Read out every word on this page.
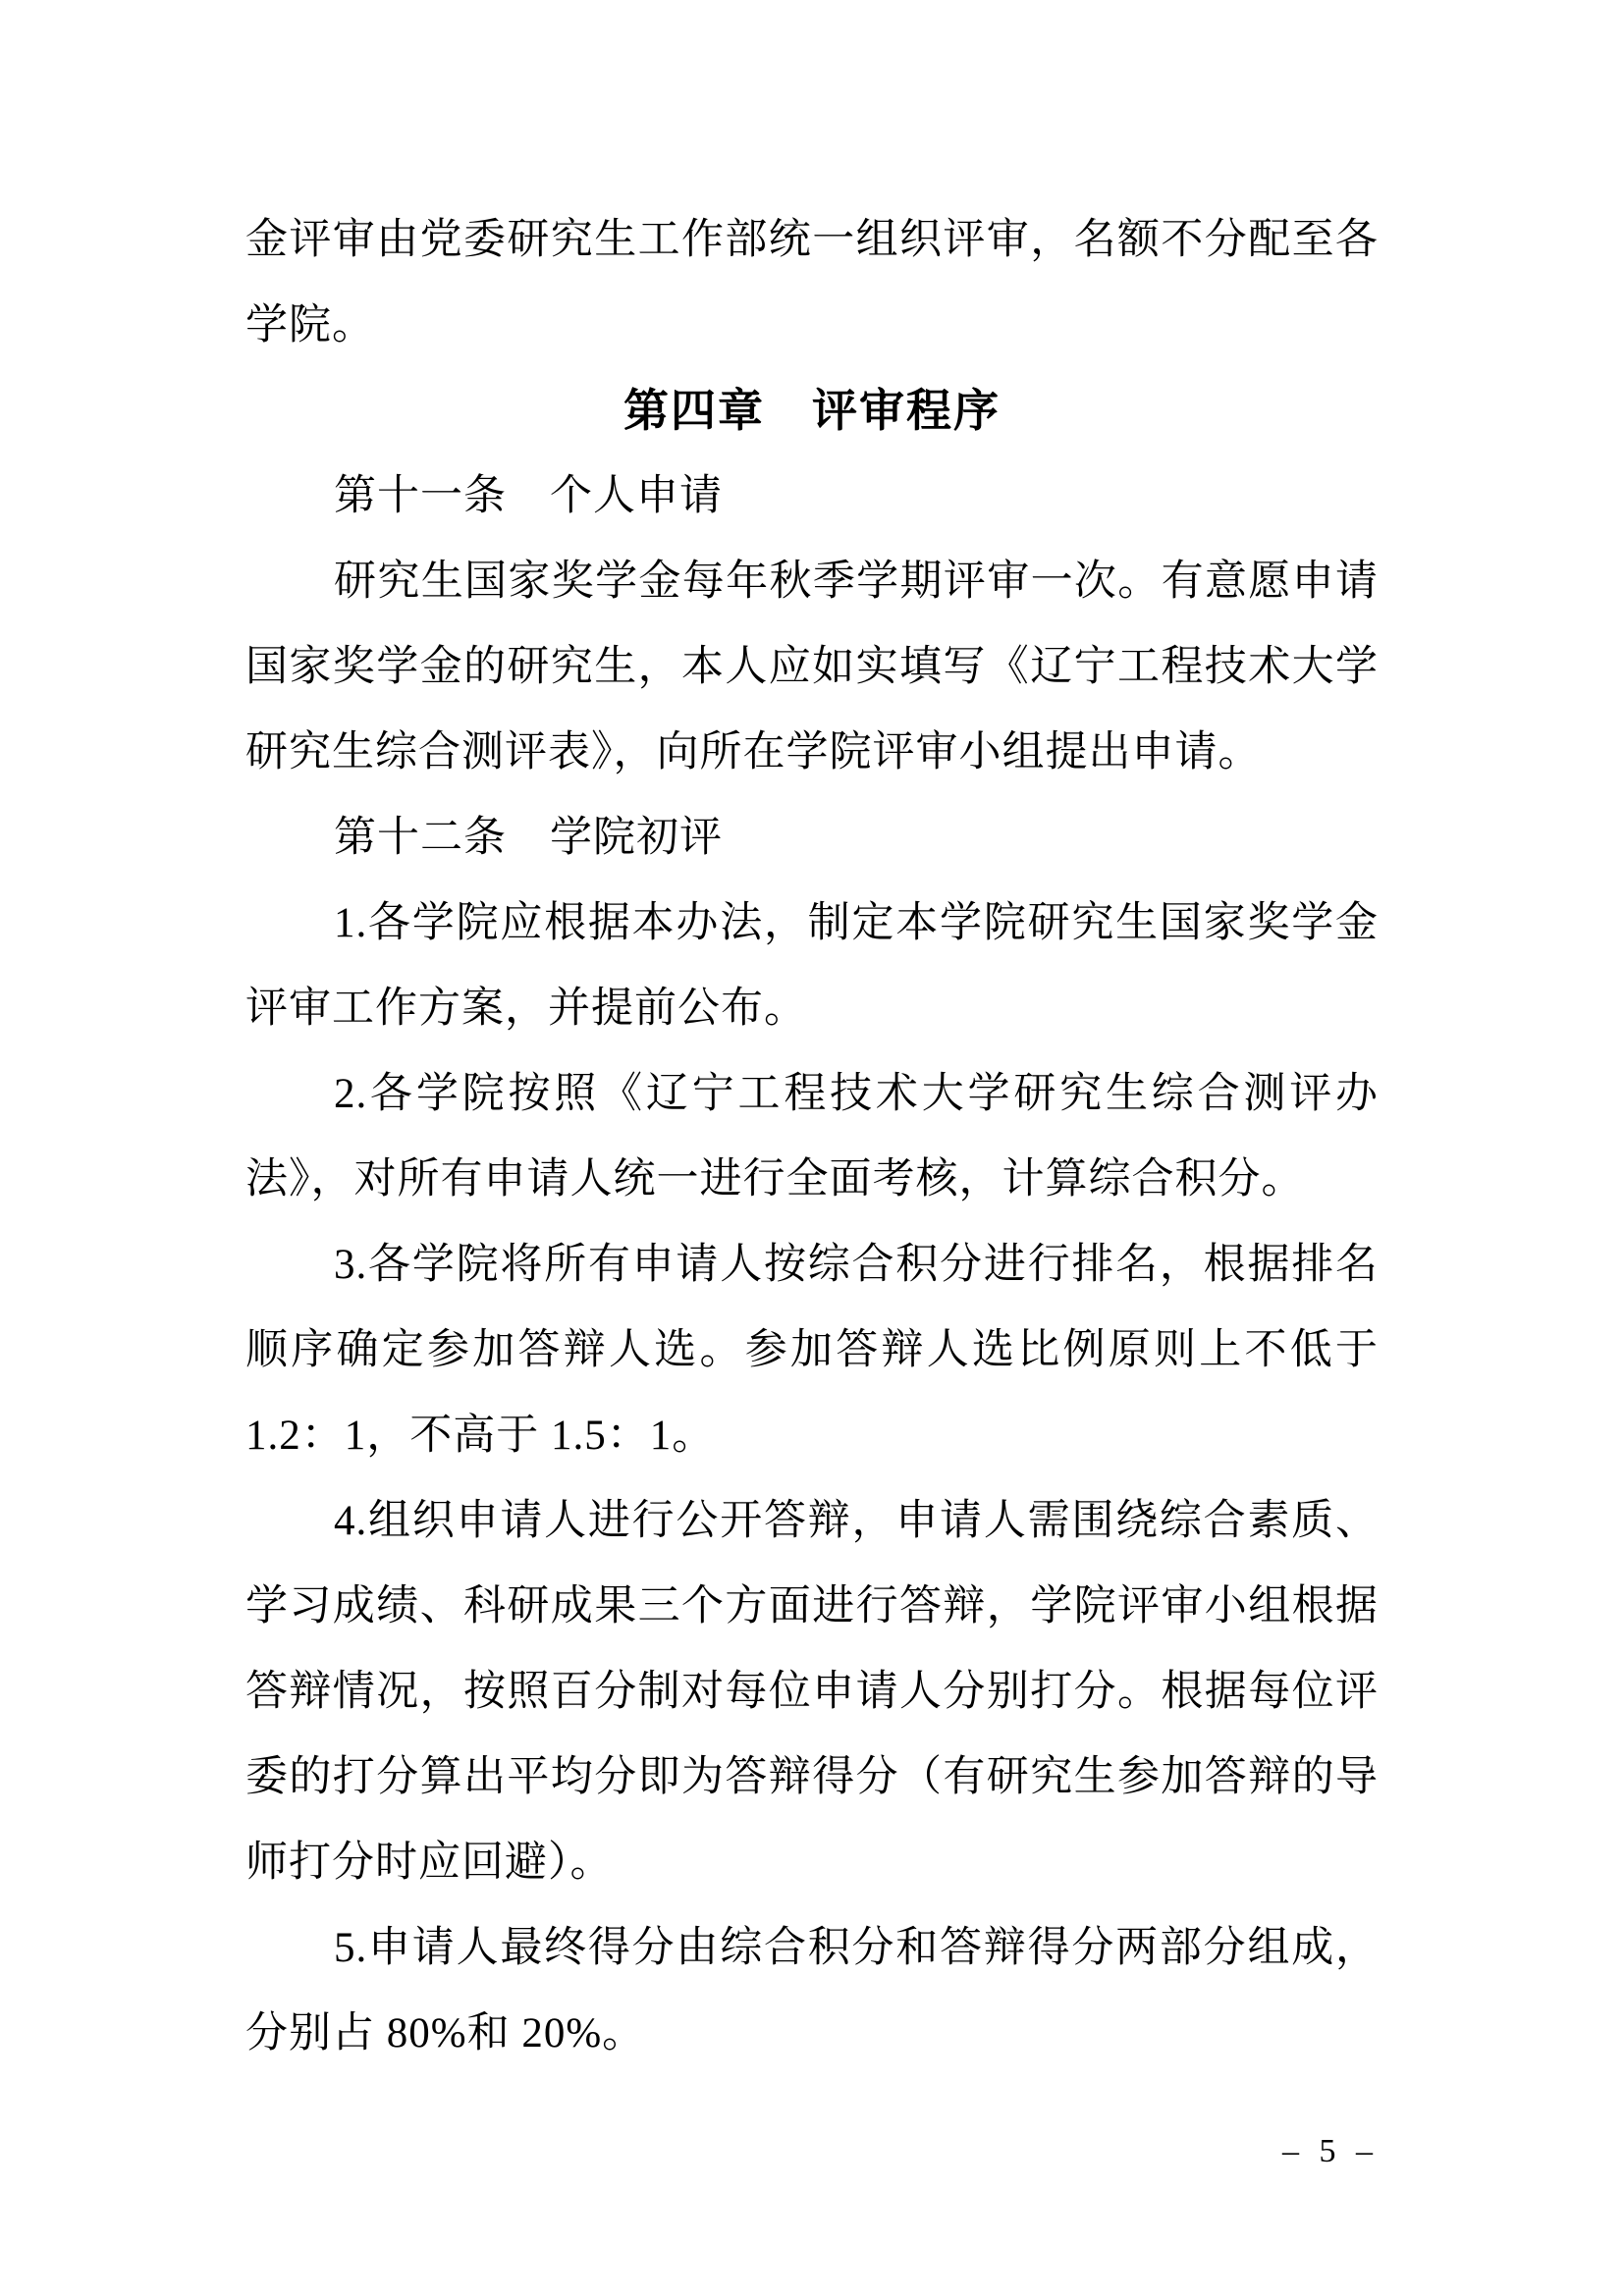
金评审由党委研究生工作部统一组织评审，名额不分配至各
学院。
第四章　评审程序
第十一条　个人申请
研究生国家奖学金每年秋季学期评审一次。有意愿申请
国家奖学金的研究生，本人应如实填写《辽宁工程技术大学
研究生综合测评表》，向所在学院评审小组提出申请。
第十二条　学院初评
1.各学院应根据本办法，制定本学院研究生国家奖学金
评审工作方案，并提前公布。
2.各学院按照《辽宁工程技术大学研究生综合测评办
法》，对所有申请人统一进行全面考核，计算综合积分。
3.各学院将所有申请人按综合积分进行排名，根据排名
顺序确定参加答辩人选。参加答辩人选比例原则上不低于
1.2：1，不高于 1.5：1。
4.组织申请人进行公开答辩，申请人需围绕综合素质、
学习成绩、科研成果三个方面进行答辩，学院评审小组根据
答辩情况，按照百分制对每位申请人分别打分。根据每位评
委的打分算出平均分即为答辩得分（有研究生参加答辩的导
师打分时应回避）。
5.申请人最终得分由综合积分和答辩得分两部分组成，
分别占 80%和 20%。
– 5 –
